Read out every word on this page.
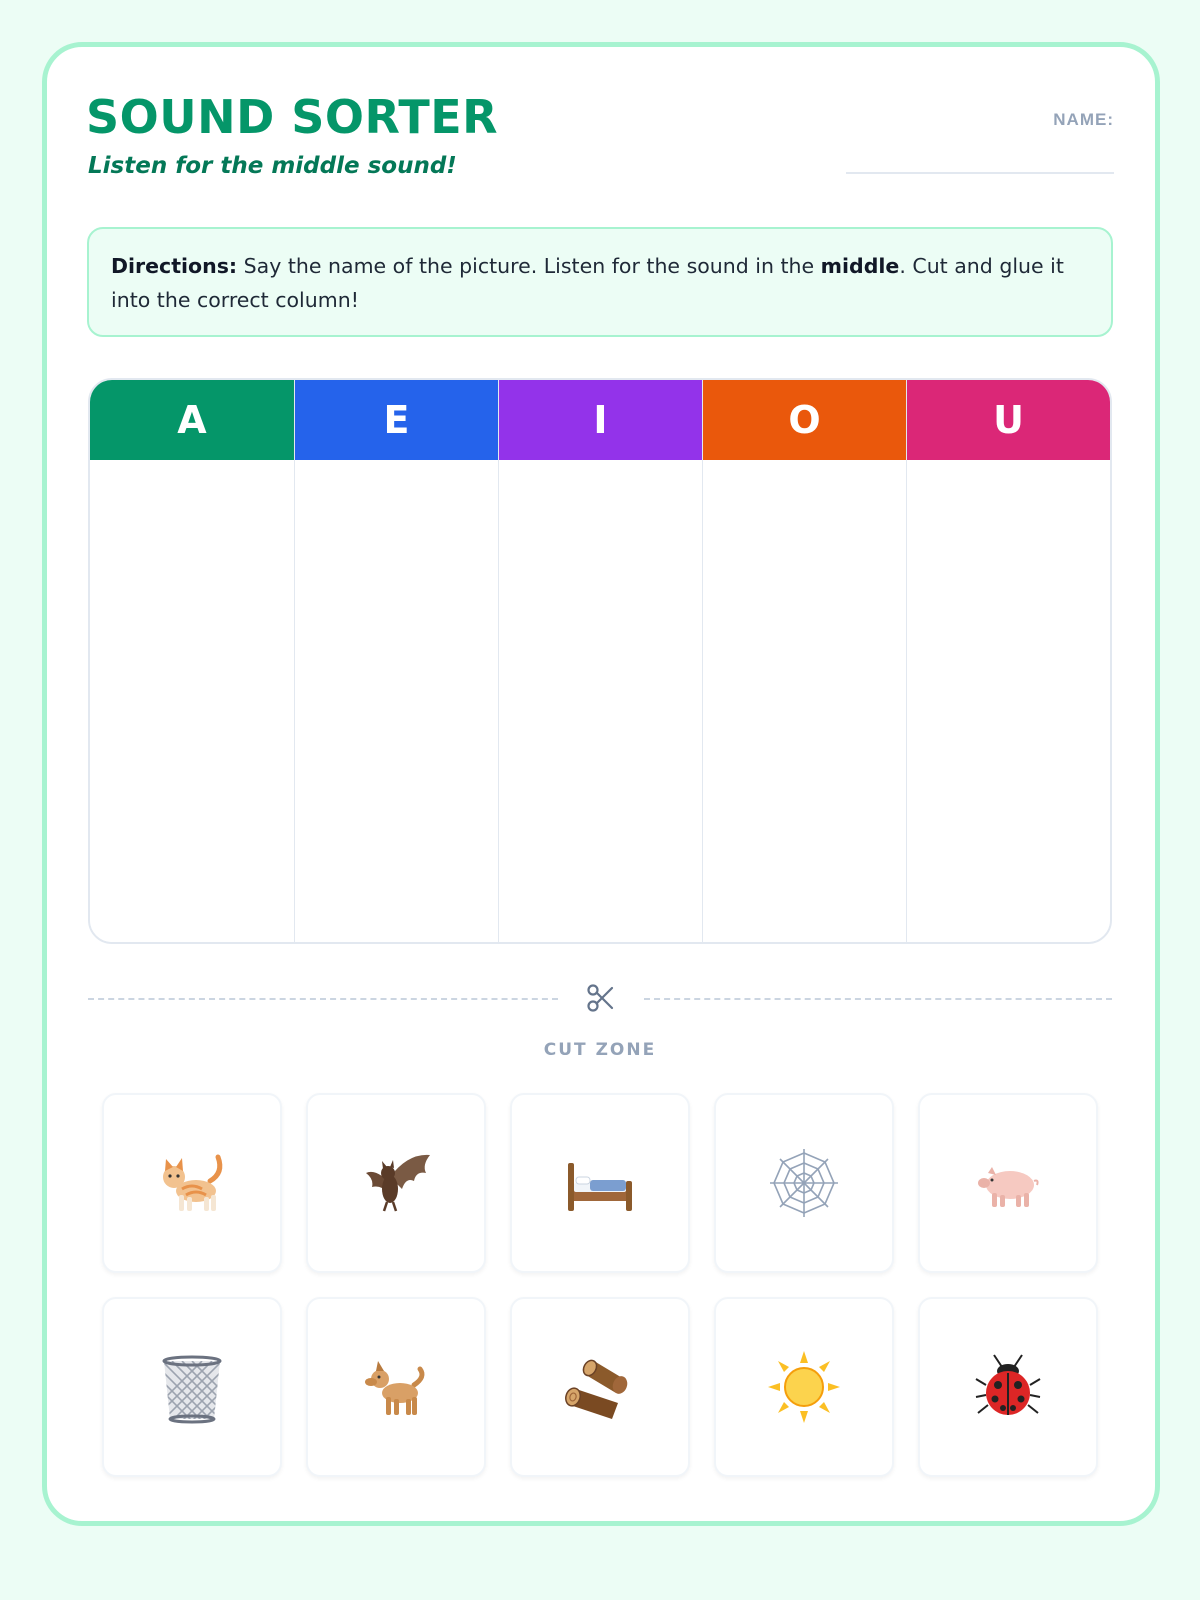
SOUND SORTER
Listen for the middle sound!
NAME:
Directions: Say the name of the picture. Listen for the sound in the middle. Cut and glue it into the correct column!
A	E	I	O	U
CUT ZONE
